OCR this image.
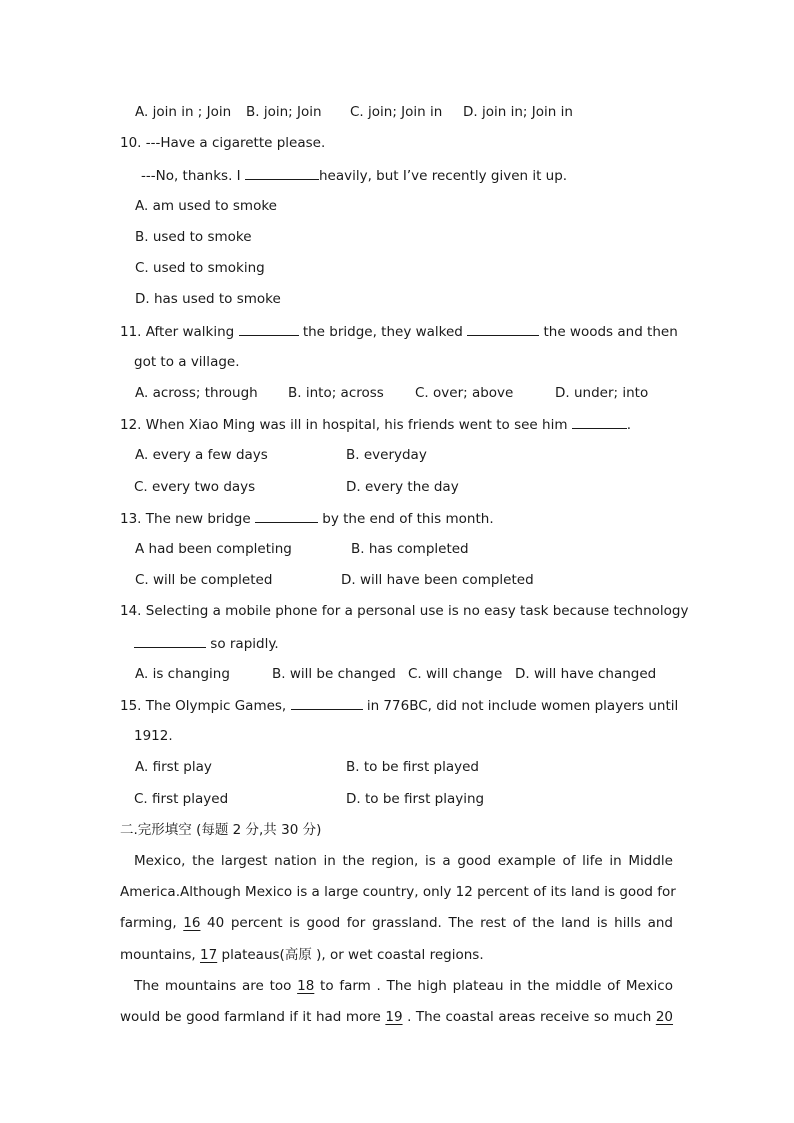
A. join in ; Join B. join; Join C. join; Join in D. join in; Join in
10. ---Have a cigarette please.
---No, thanks. I	heavily, but I’ve recently given it up.
A. am used to smoke
B. used to smoke
C. used to smoking
D. has used to smoke
11. After walking	the bridge, they walked	the woods and then
got to a village.
A. across; through B. into; across C. over; above	D. under; into
12. When Xiao Ming was ill in hospital, his friends went to see him	.
A. every a few days	B. everyday
C. every two days	D. every the day
13. The new bridge	by the end of this month.
A had been completing	B. has completed
C. will be completed	D. will have been completed
14. Selecting a mobile phone for a personal use is no easy task because technology
so rapidly.
A. is changing	B. will be changed C. will change D. will have changed
15. The Olympic Games,	in 776BC, did not include women players until
1912.
A. first play	B. to be first played
C. first played	D. to be first playing
二.完形填空 (每题 2 分,共 30 分)
Mexico, the largest nation in the region, is a good example of life in Middle
America.Although Mexico is a large country, only 12 percent of its land is good for
farming, 16 40 percent is good for grassland. The rest of the land is hills and
mountains, 17 plateaus(高原 ), or wet coastal regions.
The mountains are too 18 to farm . The high plateau in the middle of Mexico
would be good farmland if it had more 19 . The coastal areas receive so much 20
